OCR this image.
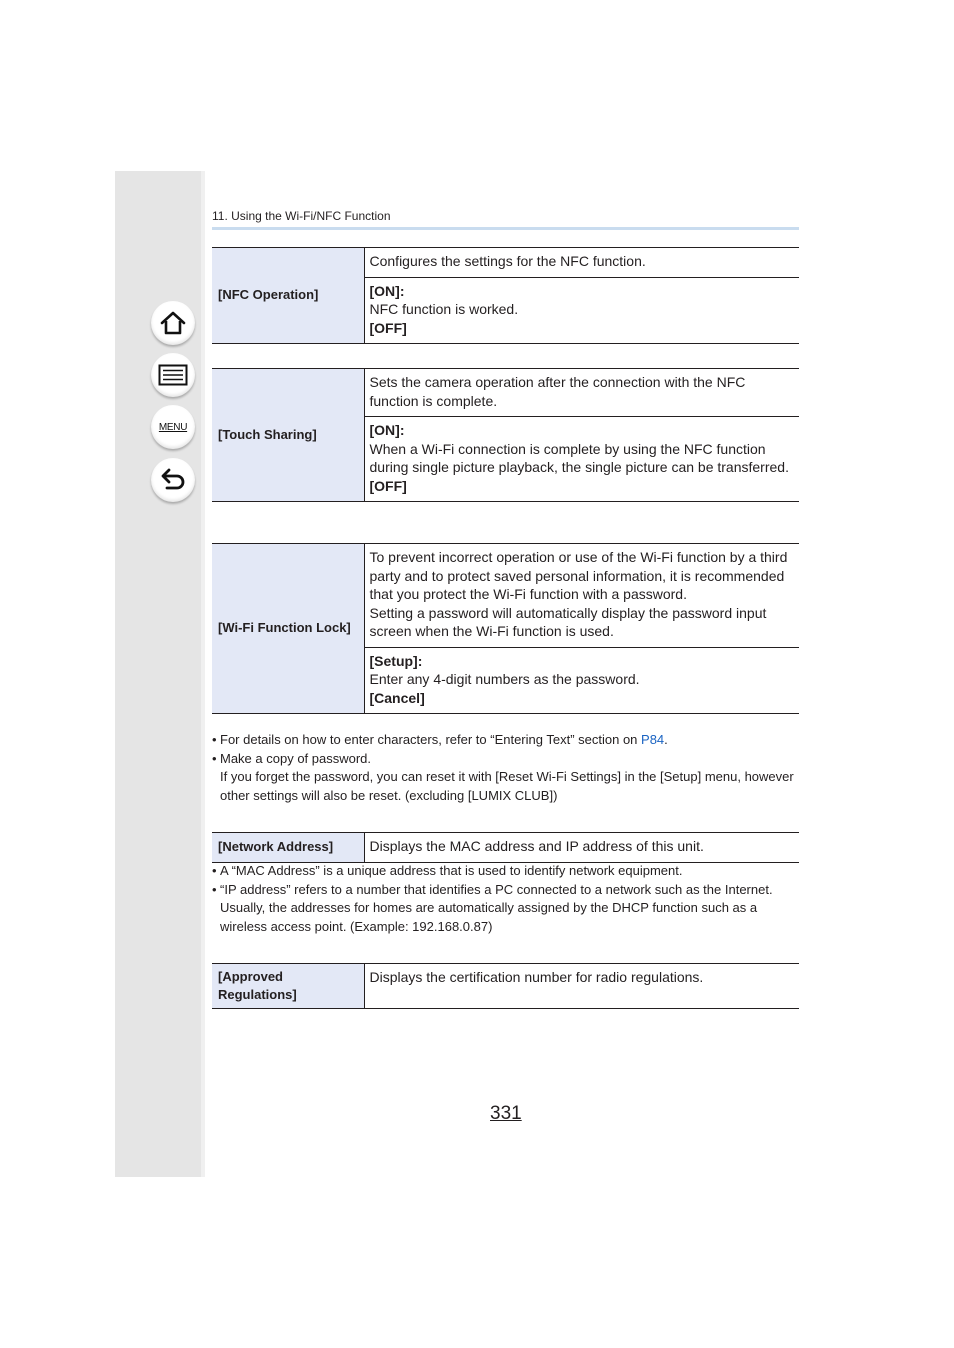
MENU
11. Using the Wi-Fi/NFC Function
[NFC Operation]	Configures the settings for the NFC function.

[ON]:
NFC function is worked.
[OFF]
[Touch Sharing]	Sets the camera operation after the connection with the NFC function is complete.

[ON]:
When a Wi-Fi connection is complete by using the NFC function during single picture playback, the single picture can be transferred.
[OFF]
[Wi-Fi Function Lock]	
To prevent incorrect operation or use of the Wi-Fi function by a third party and to protect saved personal information, it is recommended that you protect the Wi-Fi function with a password.
Setting a password will automatically display the password input screen when the Wi-Fi function is used.

[Setup]:
Enter any 4-digit numbers as the password.
[Cancel]
• For details on how to enter characters, refer to “Entering Text” section on P84.
• Make a copy of password.
If you forget the password, you can reset it with [Reset Wi-Fi Settings] in the [Setup] menu, however other settings will also be reset. (excluding [LUMIX CLUB])
[Network Address]	Displays the MAC address and IP address of this unit.
• A “MAC Address” is a unique address that is used to identify network equipment.
• “IP address” refers to a number that identifies a PC connected to a network such as the Internet. Usually, the addresses for homes are automatically assigned by the DHCP function such as a wireless access point. (Example: 192.168.0.87)
[Approved Regulations]	Displays the certification number for radio regulations.
331
